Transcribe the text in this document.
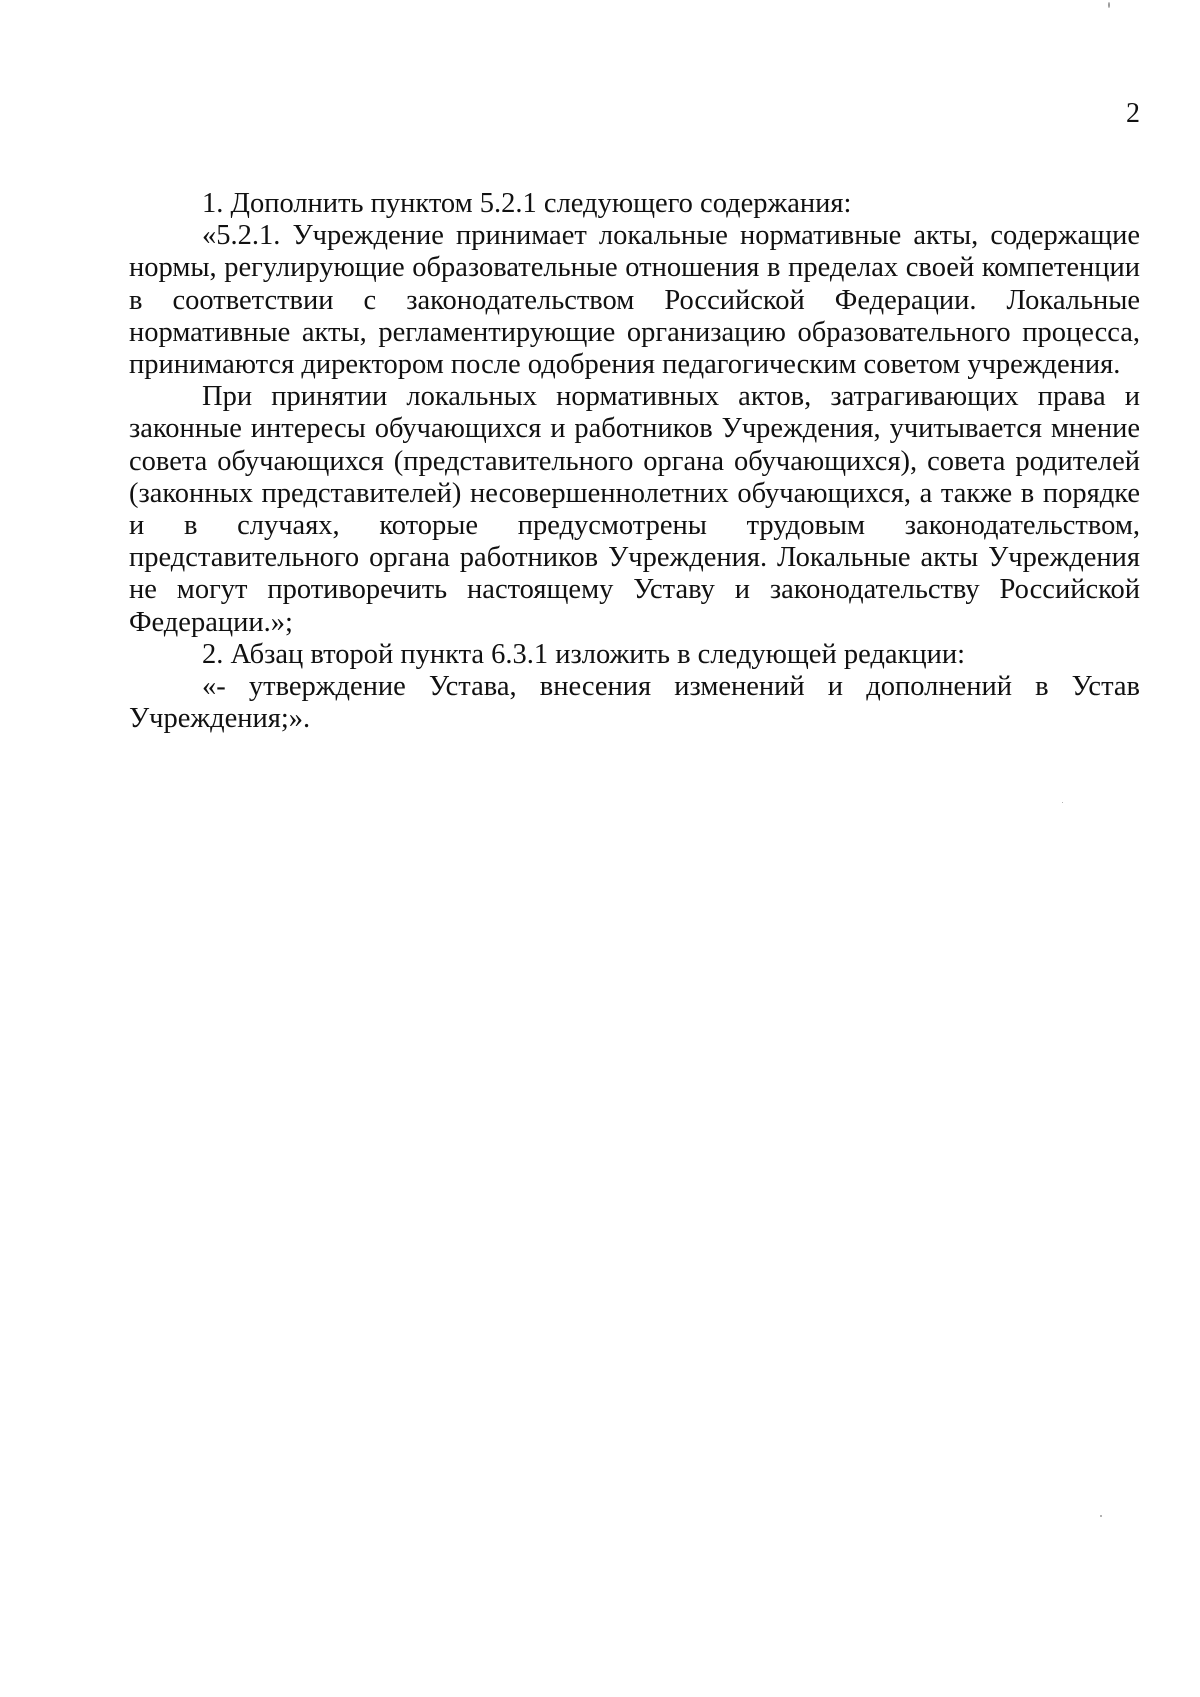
2

1. Дополнить пунктом 5.2.1 следующего содержания:

«5.2.1. Учреждение принимает локальные нормативные акты, содержащие нормы, регулирующие образовательные отношения в пределах своей компетенции в соответствии с законодательством Российской Федерации. Локальные нормативные акты, регламентирующие организацию образовательного процесса, принимаются директором после одобрения педагогическим советом учреждения.

При принятии локальных нормативных актов, затрагивающих права и законные интересы обучающихся и работников Учреждения, учитывается мнение совета обучающихся (представительного органа обучающихся), совета родителей (законных представителей) несовершеннолетних обучающихся, а также в порядке и в случаях, которые предусмотрены трудовым законодательством, представительного органа работников Учреждения. Локальные акты Учреждения не могут противоречить настоящему Уставу и законодательству Российской Федерации.»;

2. Абзац второй пункта 6.3.1 изложить в следующей редакции:

«- утверждение Устава, внесения изменений и дополнений в Устав Учреждения;».
